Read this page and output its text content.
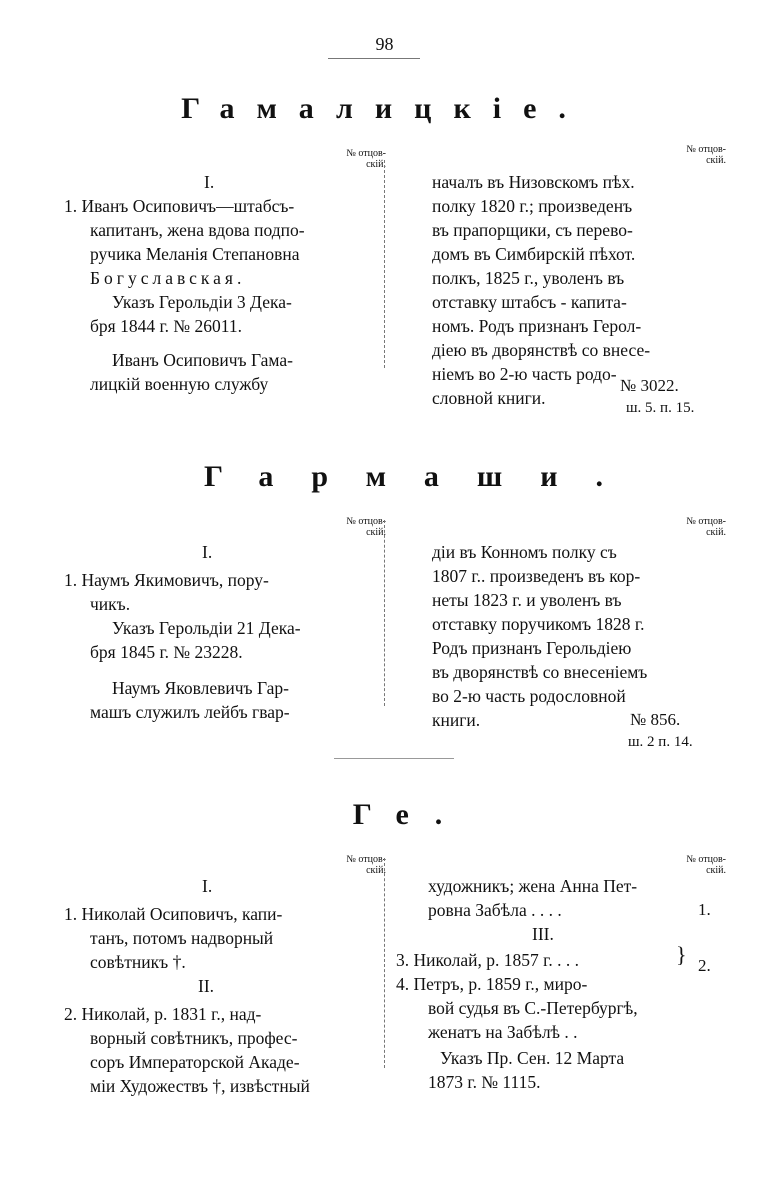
98
Гамалицкіе.
№ отцов-
скій.
№ отцов-
скій.
I.
1. Иванъ Осиповичъ—штабсъ-
капитанъ, жена вдова подпо-
ручика Меланія Степановна
Богуславская.
Указъ Герольдіи 3 Дека-
бря 1844 г. № 26011.
Иванъ Осиповичъ Гама-
лицкій военную службу
началъ въ Низовскомъ пѣх.
полку 1820 г.; произведенъ
въ прапорщики, съ перево-
домъ въ Симбирскій пѣхот.
полкъ, 1825 г., уволенъ въ
отставку штабсъ - капита-
номъ. Родъ признанъ Герол-
діею въ дворянствѣ со внесе-
ніемъ во 2-ю часть родо-
словной книги.
№ 3022.
ш. 5. п. 15.
Гармаши.
№ отцов-
скій.
№ отцов-
скій.
I.
1. Наумъ Якимовичъ, пору-
чикъ.
Указъ Герольдіи 21 Дека-
бря 1845 г. № 23228.
Наумъ Яковлевичъ Гар-
машъ служилъ лейбъ гвар-
діи въ Конномъ полку съ
1807 г.. произведенъ въ кор-
неты 1823 г. и уволенъ въ
отставку поручикомъ 1828 г.
Родъ признанъ Герольдіею
въ дворянствѣ со внесеніемъ
во 2-ю часть родословной
книги.	№ 856.
ш. 2 п. 14.
Ге.
№ отцов-
скій.
№ отцов-
скій.
I.
1. Николай Осиповичъ, капи-
танъ, потомъ надворный
совѣтникъ †.
II.
2. Николай, р. 1831 г., над-
ворный совѣтникъ, профес-
соръ Императорской Акаде-
міи Художествъ †, извѣстный
художникъ; жена Анна Пет-
ровна Забѣла . . . .
III.
3. Николай, р. 1857 г. . . .
4. Петръ, р. 1859 г., миро-
вой судья въ С.-Петербургѣ,
женатъ на Забѣлѣ . .
Указъ Пр. Сен. 12 Марта
1873 г. № 1115.
1.
} 2.
